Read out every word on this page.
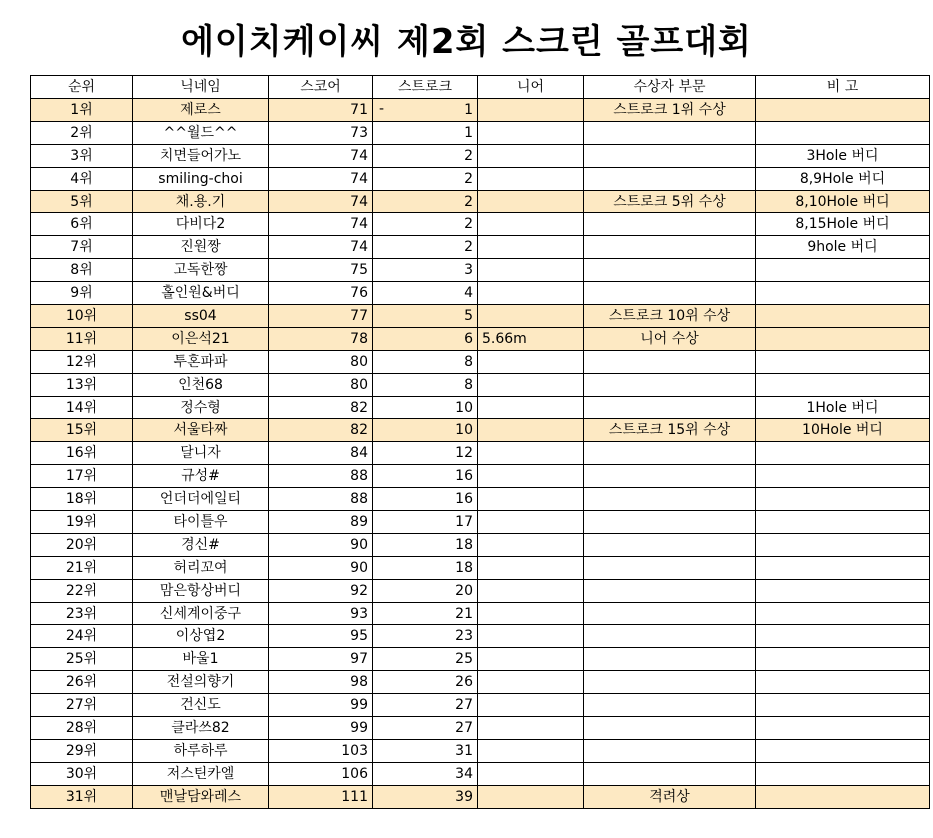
에이치케이씨 제2회 스크린 골프대회
순위	닉네임	스코어	스트로크	니어	수상자 부문	비 고
1위	제로스	71	- 1		스트로크 1위 수상	
2위	^^월드^^	73	1			
3위	치면들어가노	74	2			3Hole 버디
4위	smiling-choi	74	2			8,9Hole 버디
5위	채.용.기	74	2		스트로크 5위 수상	8,10Hole 버디
6위	다비다2	74	2			8,15Hole 버디
7위	진원짱	74	2			9hole 버디
8위	고독한짱	75	3			
9위	홀인원&버디	76	4			
10위	ss04	77	5		스트로크 10위 수상	
11위	이은석21	78	6	5.66m	니어 수상	
12위	투혼파파	80	8			
13위	인천68	80	8			
14위	정수형	82	10			1Hole 버디
15위	서울타짜	82	10		스트로크 15위 수상	10Hole 버디
16위	달니자	84	12			
17위	규성#	88	16			
18위	언더더에일티	88	16			
19위	타이틀우	89	17			
20위	경신#	90	18			
21위	허리꼬여	90	18			
22위	맘은항상버디	92	20			
23위	신세계이중구	93	21			
24위	이상엽2	95	23			
25위	바울1	97	25			
26위	전설의향기	98	26			
27위	건신도	99	27			
28위	클라쓰82	99	27			
29위	하루하루	103	31			
30위	저스틴카엘	106	34			
31위	맨날담와레스	111	39		격려상	
